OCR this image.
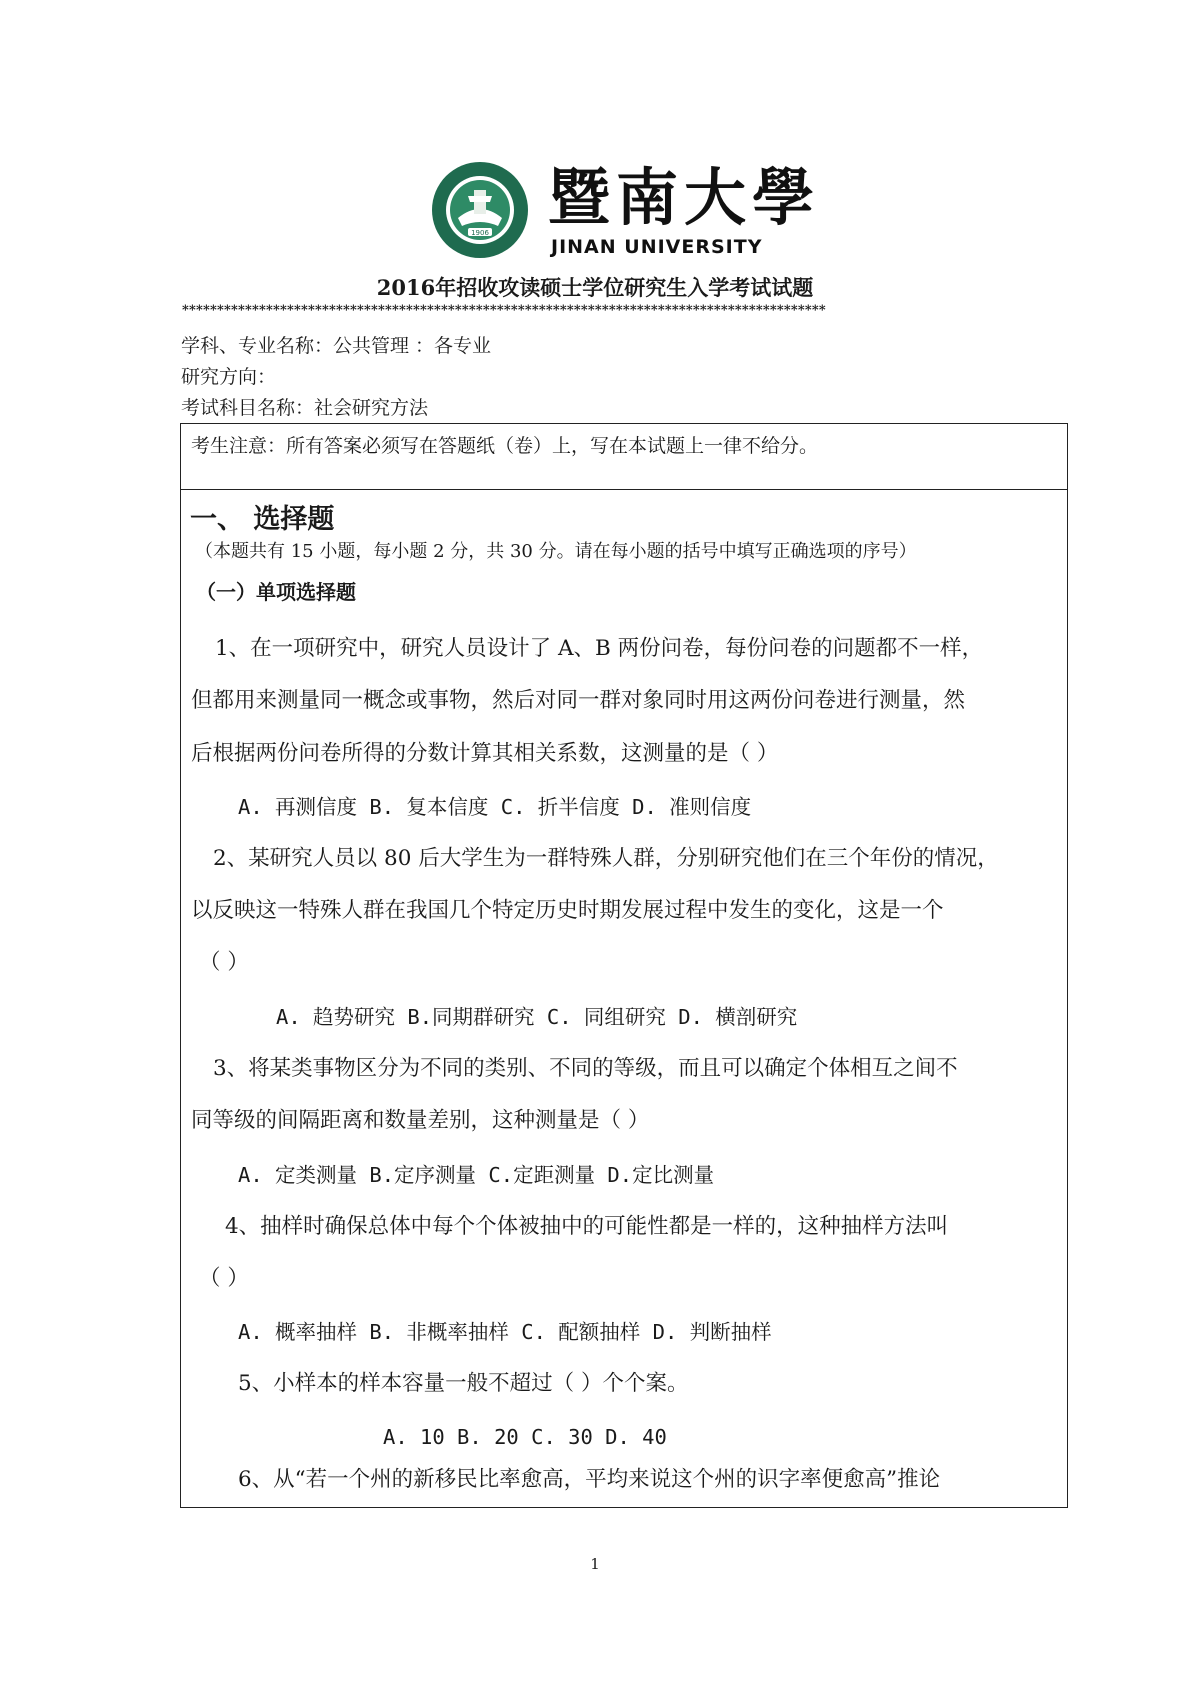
1906 暨南大學
JINAN UNIVERSITY
2016年招收攻读硕士学位研究生入学考试试题
********************************************************************************************
学科、专业名称：公共管理 ：各专业
研究方向：
考试科目名称：社会研究方法
考生注意：所有答案必须写在答题纸（卷）上，写在本试题上一律不给分。
一、 选择题
（本题共有 15 小题，每小题 2 分，共 30 分。请在每小题的括号中填写正确选项的序号）
（一）单项选择题
1、在一项研究中，研究人员设计了 A、B 两份问卷，每份问卷的问题都不一样，
但都用来测量同一概念或事物，然后对同一群对象同时用这两份问卷进行测量，然
后根据两份问卷所得的分数计算其相关系数，这测量的是（ ）
A. 再测信度 B. 复本信度 C. 折半信度 D. 准则信度
2、某研究人员以 80 后大学生为一群特殊人群，分别研究他们在三个年份的情况，
以反映这一特殊人群在我国几个特定历史时期发展过程中发生的变化，这是一个
（ ）
A. 趋势研究 B.同期群研究 C. 同组研究 D. 横剖研究
3、将某类事物区分为不同的类别、不同的等级，而且可以确定个体相互之间不
同等级的间隔距离和数量差别，这种测量是（ ）
A. 定类测量 B.定序测量 C.定距测量 D.定比测量
4、抽样时确保总体中每个个体被抽中的可能性都是一样的，这种抽样方法叫
（ ）
A. 概率抽样 B. 非概率抽样 C. 配额抽样 D. 判断抽样
5、小样本的样本容量一般不超过（ ）个个案。
A. 10 B. 20 C. 30 D. 40
6、从“若一个州的新移民比率愈高，平均来说这个州的识字率便愈高”推论
1
